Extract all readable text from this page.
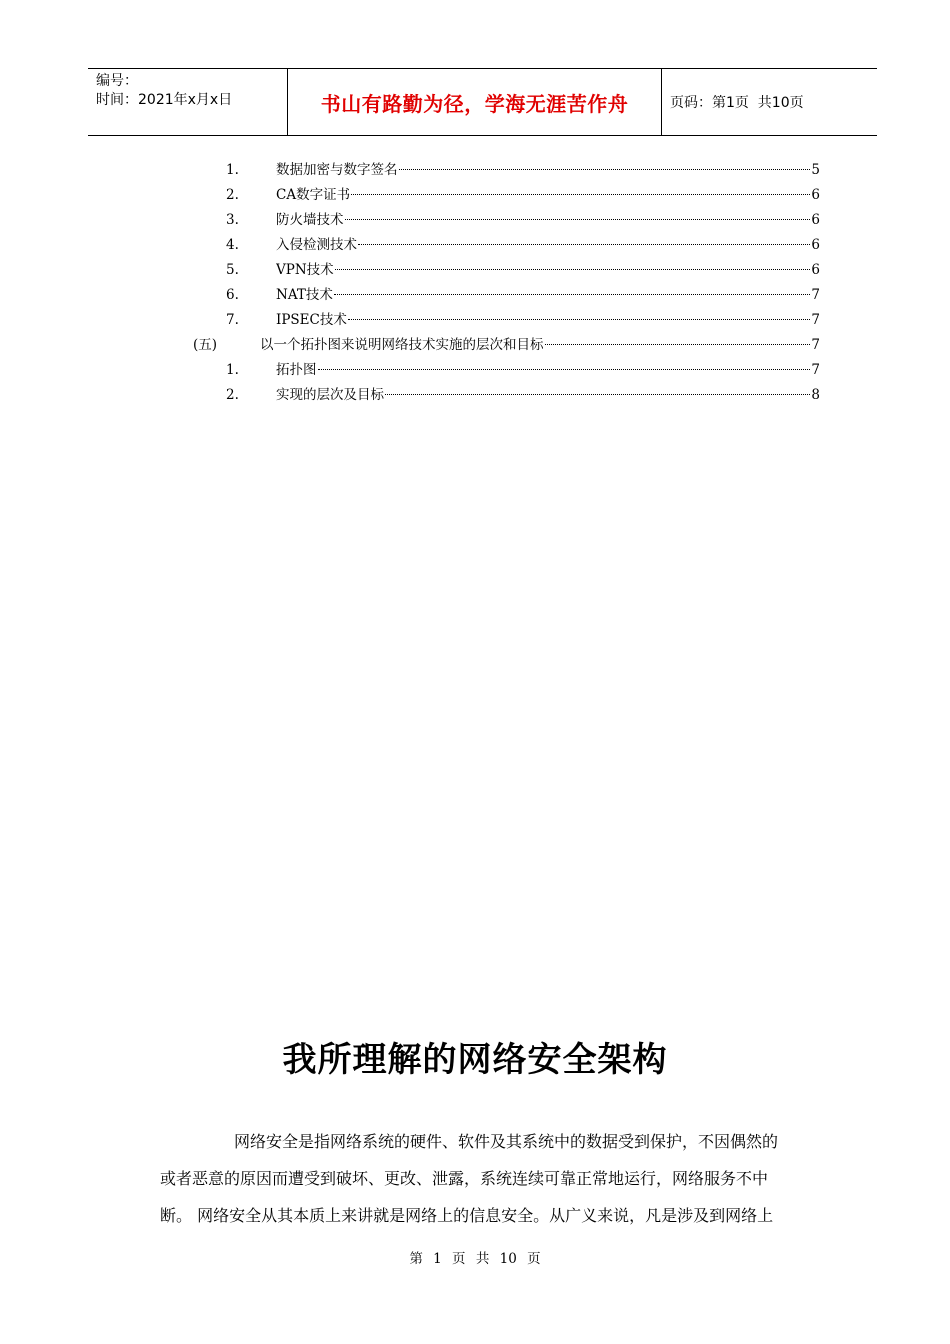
编号：
时间：2021年x月x日	书山有路勤为径，学海无涯苦作舟	页码：第1页  共10页
1.	数据加密与数字签名	5
2.	CA数字证书	6
3.	防火墙技术	6
4.	入侵检测技术	6
5.	VPN技术	6
6.	NAT技术	7
7.	IPSEC技术	7
(五)	以一个拓扑图来说明网络技术实施的层次和目标	7
1.	拓扑图	7
2.	实现的层次及目标	8
我所理解的网络安全架构
网络安全是指网络系统的硬件、软件及其系统中的数据受到保护，不因偶然的
或者恶意的原因而遭受到破坏、更改、泄露，系统连续可靠正常地运行，网络服务不中
断。 网络安全从其本质上来讲就是网络上的信息安全。从广义来说，凡是涉及到网络上
第 1 页 共 10 页
